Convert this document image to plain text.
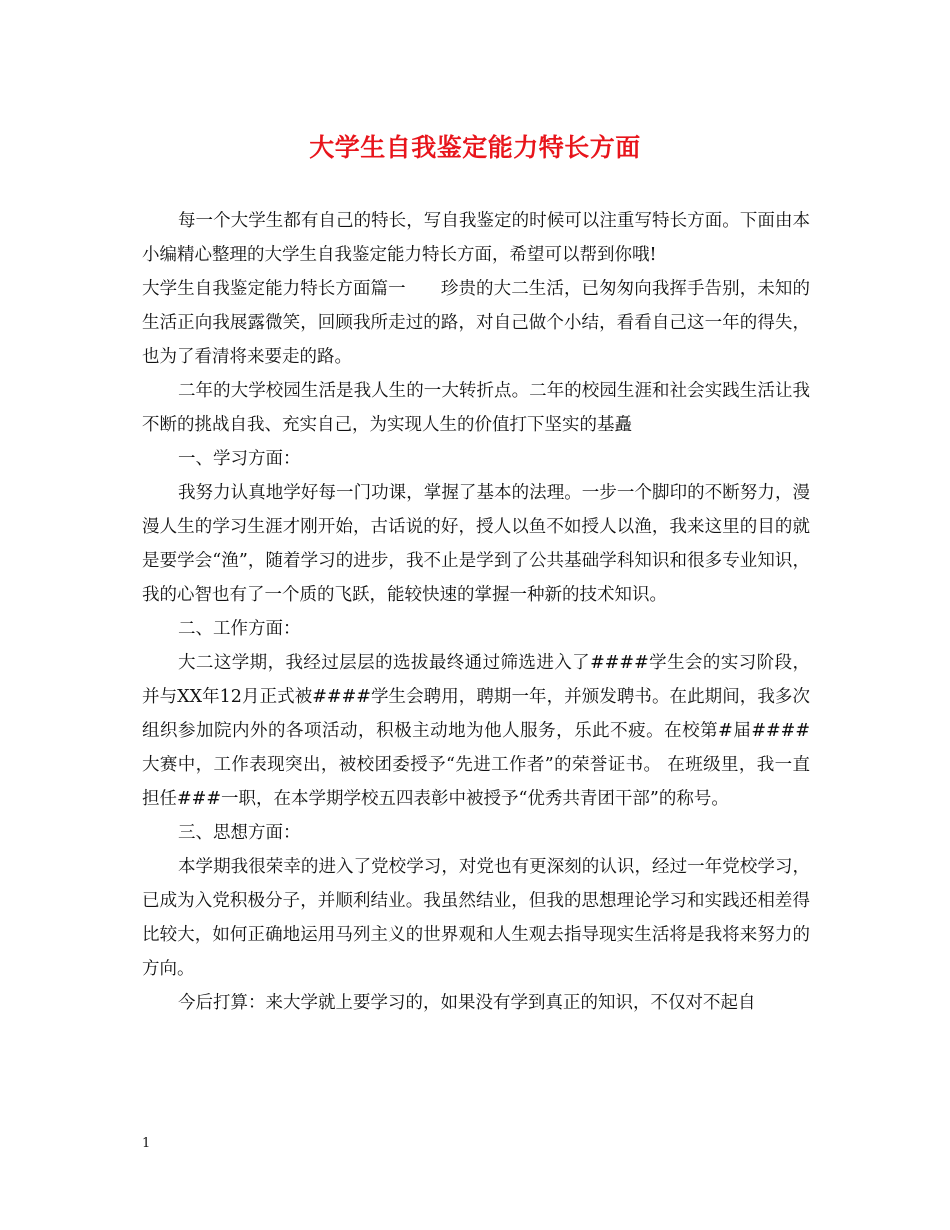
大学生自我鉴定能力特长方面

每一个大学生都有自己的特长，写自我鉴定的时候可以注重写特长方面。下面由本小编精心整理的大学生自我鉴定能力特长方面，希望可以帮到你哦!

大学生自我鉴定能力特长方面篇一　　珍贵的大二生活，已匆匆向我挥手告别，未知的生活正向我展露微笑，回顾我所走过的路，对自己做个小结，看看自己这一年的得失，也为了看清将来要走的路。

二年的大学校园生活是我人生的一大转折点。二年的校园生涯和社会实践生活让我不断的挑战自我、充实自己，为实现人生的价值打下坚实的基矗

一、学习方面：

我努力认真地学好每一门功课，掌握了基本的法理。一步一个脚印的不断努力，漫漫人生的学习生涯才刚开始，古话说的好，授人以鱼不如授人以渔，我来这里的目的就是要学会“渔”，随着学习的进步，我不止是学到了公共基础学科知识和很多专业知识，我的心智也有了一个质的飞跃，能较快速的掌握一种新的技术知识。

二、工作方面：

大二这学期，我经过层层的选拔最终通过筛选进入了####学生会的实习阶段，并与XX年12月正式被####学生会聘用，聘期一年，并颁发聘书。在此期间，我多次组织参加院内外的各项活动，积极主动地为他人服务，乐此不疲。在校第#届####大赛中，工作表现突出，被校团委授予“先进工作者”的荣誉证书。 在班级里，我一直担任###一职，在本学期学校五四表彰中被授予“优秀共青团干部”的称号。

三、思想方面：

本学期我很荣幸的进入了党校学习，对党也有更深刻的认识，经过一年党校学习，已成为入党积极分子，并顺利结业。我虽然结业，但我的思想理论学习和实践还相差得比较大，如何正确地运用马列主义的世界观和人生观去指导现实生活将是我将来努力的方向。

今后打算：来大学就上要学习的，如果没有学到真正的知识，不仅对不起自

1
